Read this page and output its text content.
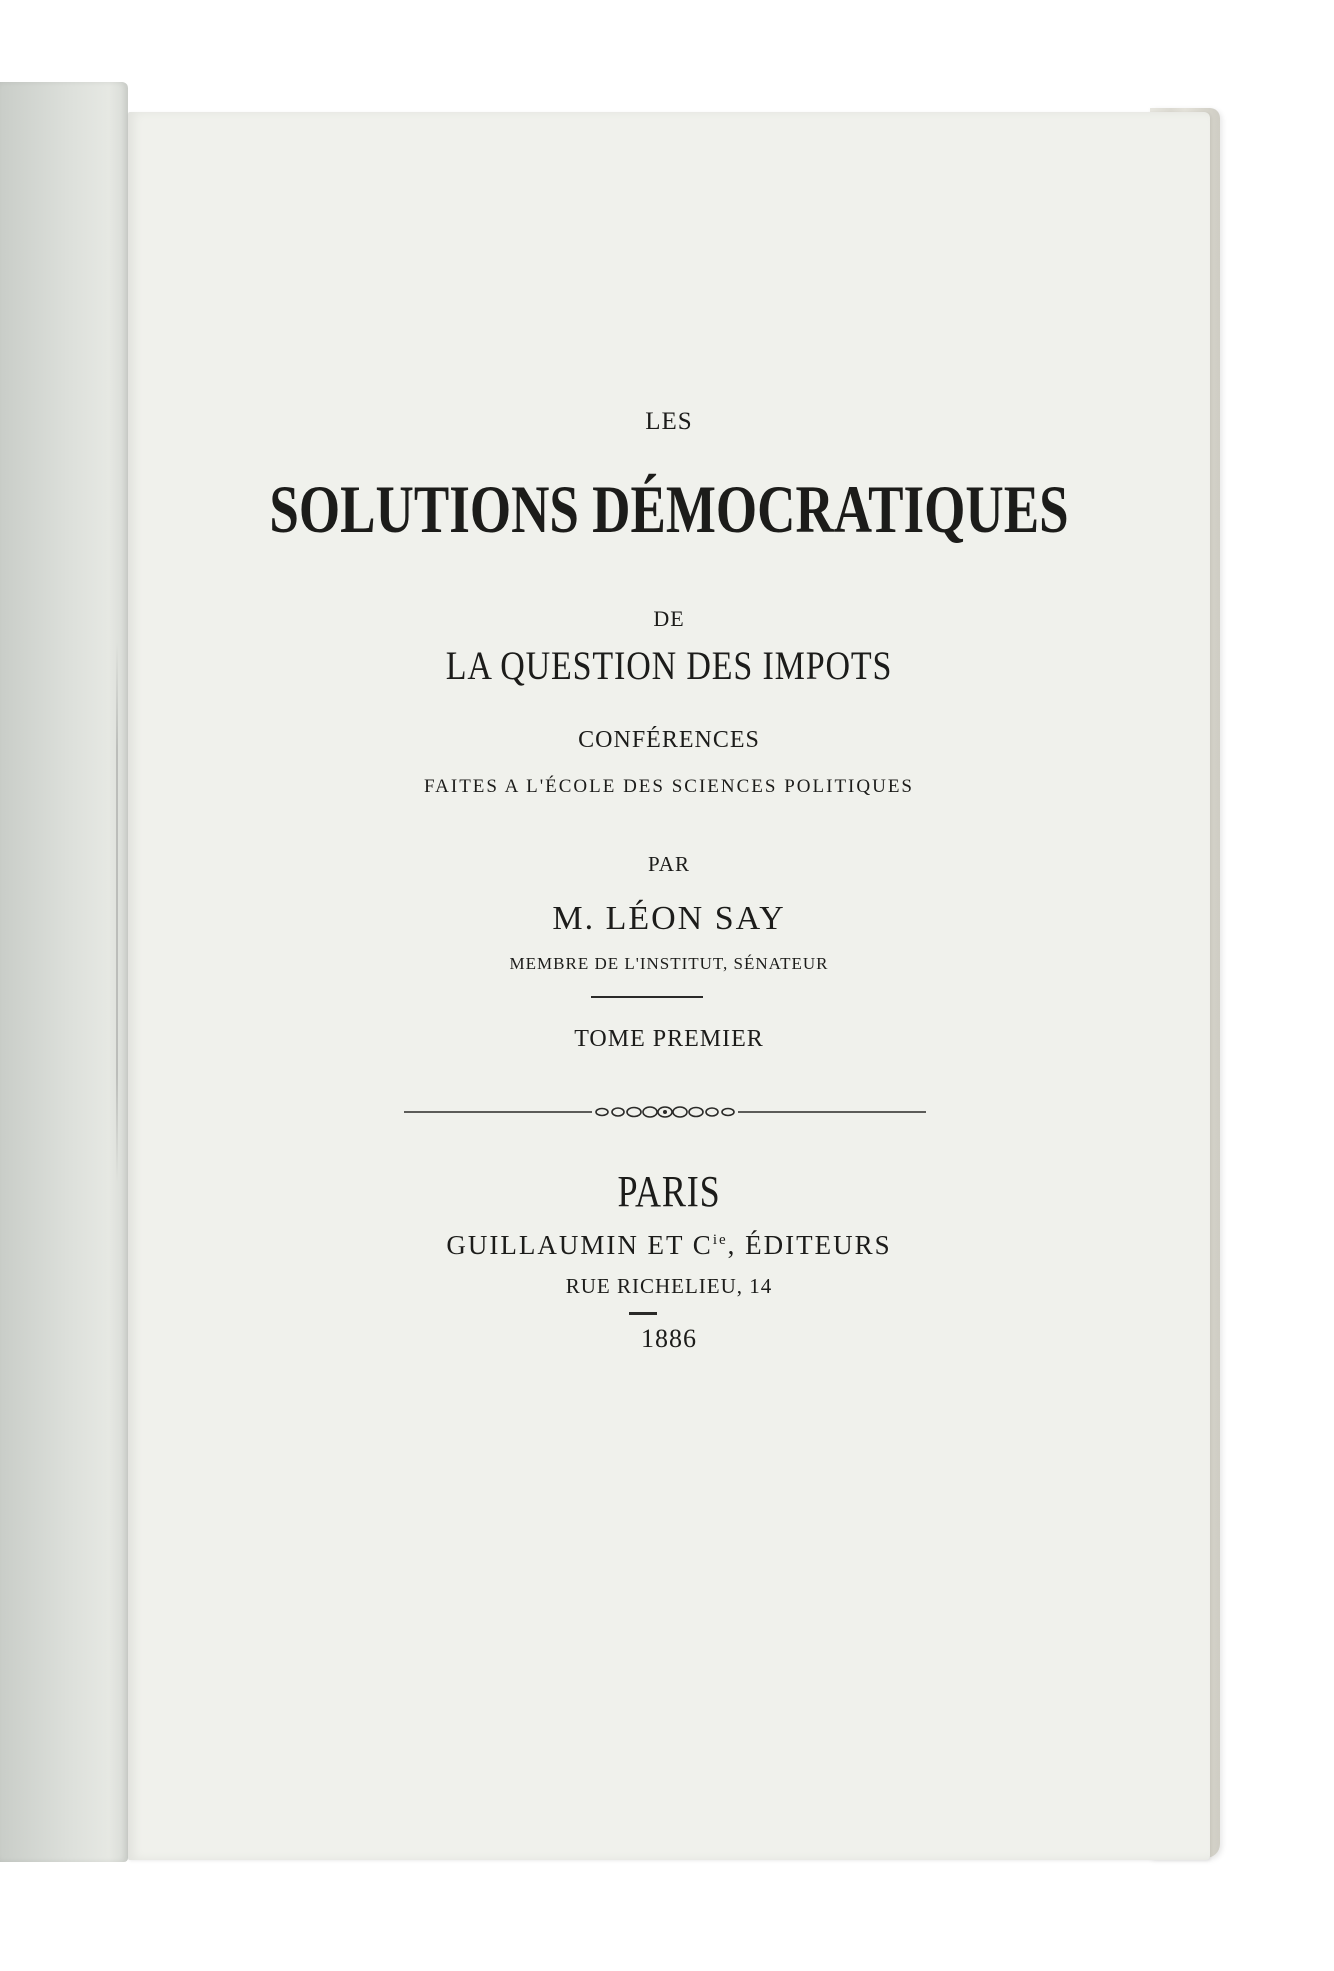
LES
SOLUTIONS DÉMOCRATIQUES
DE
LA QUESTION DES IMPOTS
CONFÉRENCES
FAITES A L'ÉCOLE DES SCIENCES POLITIQUES
PAR
M. LÉON SAY
MEMBRE DE L'INSTITUT, SÉNATEUR
TOME PREMIER
PARIS
GUILLAUMIN ET $C^{ie}$, ÉDITEURS
RUE RICHELIEU, 14
1886
